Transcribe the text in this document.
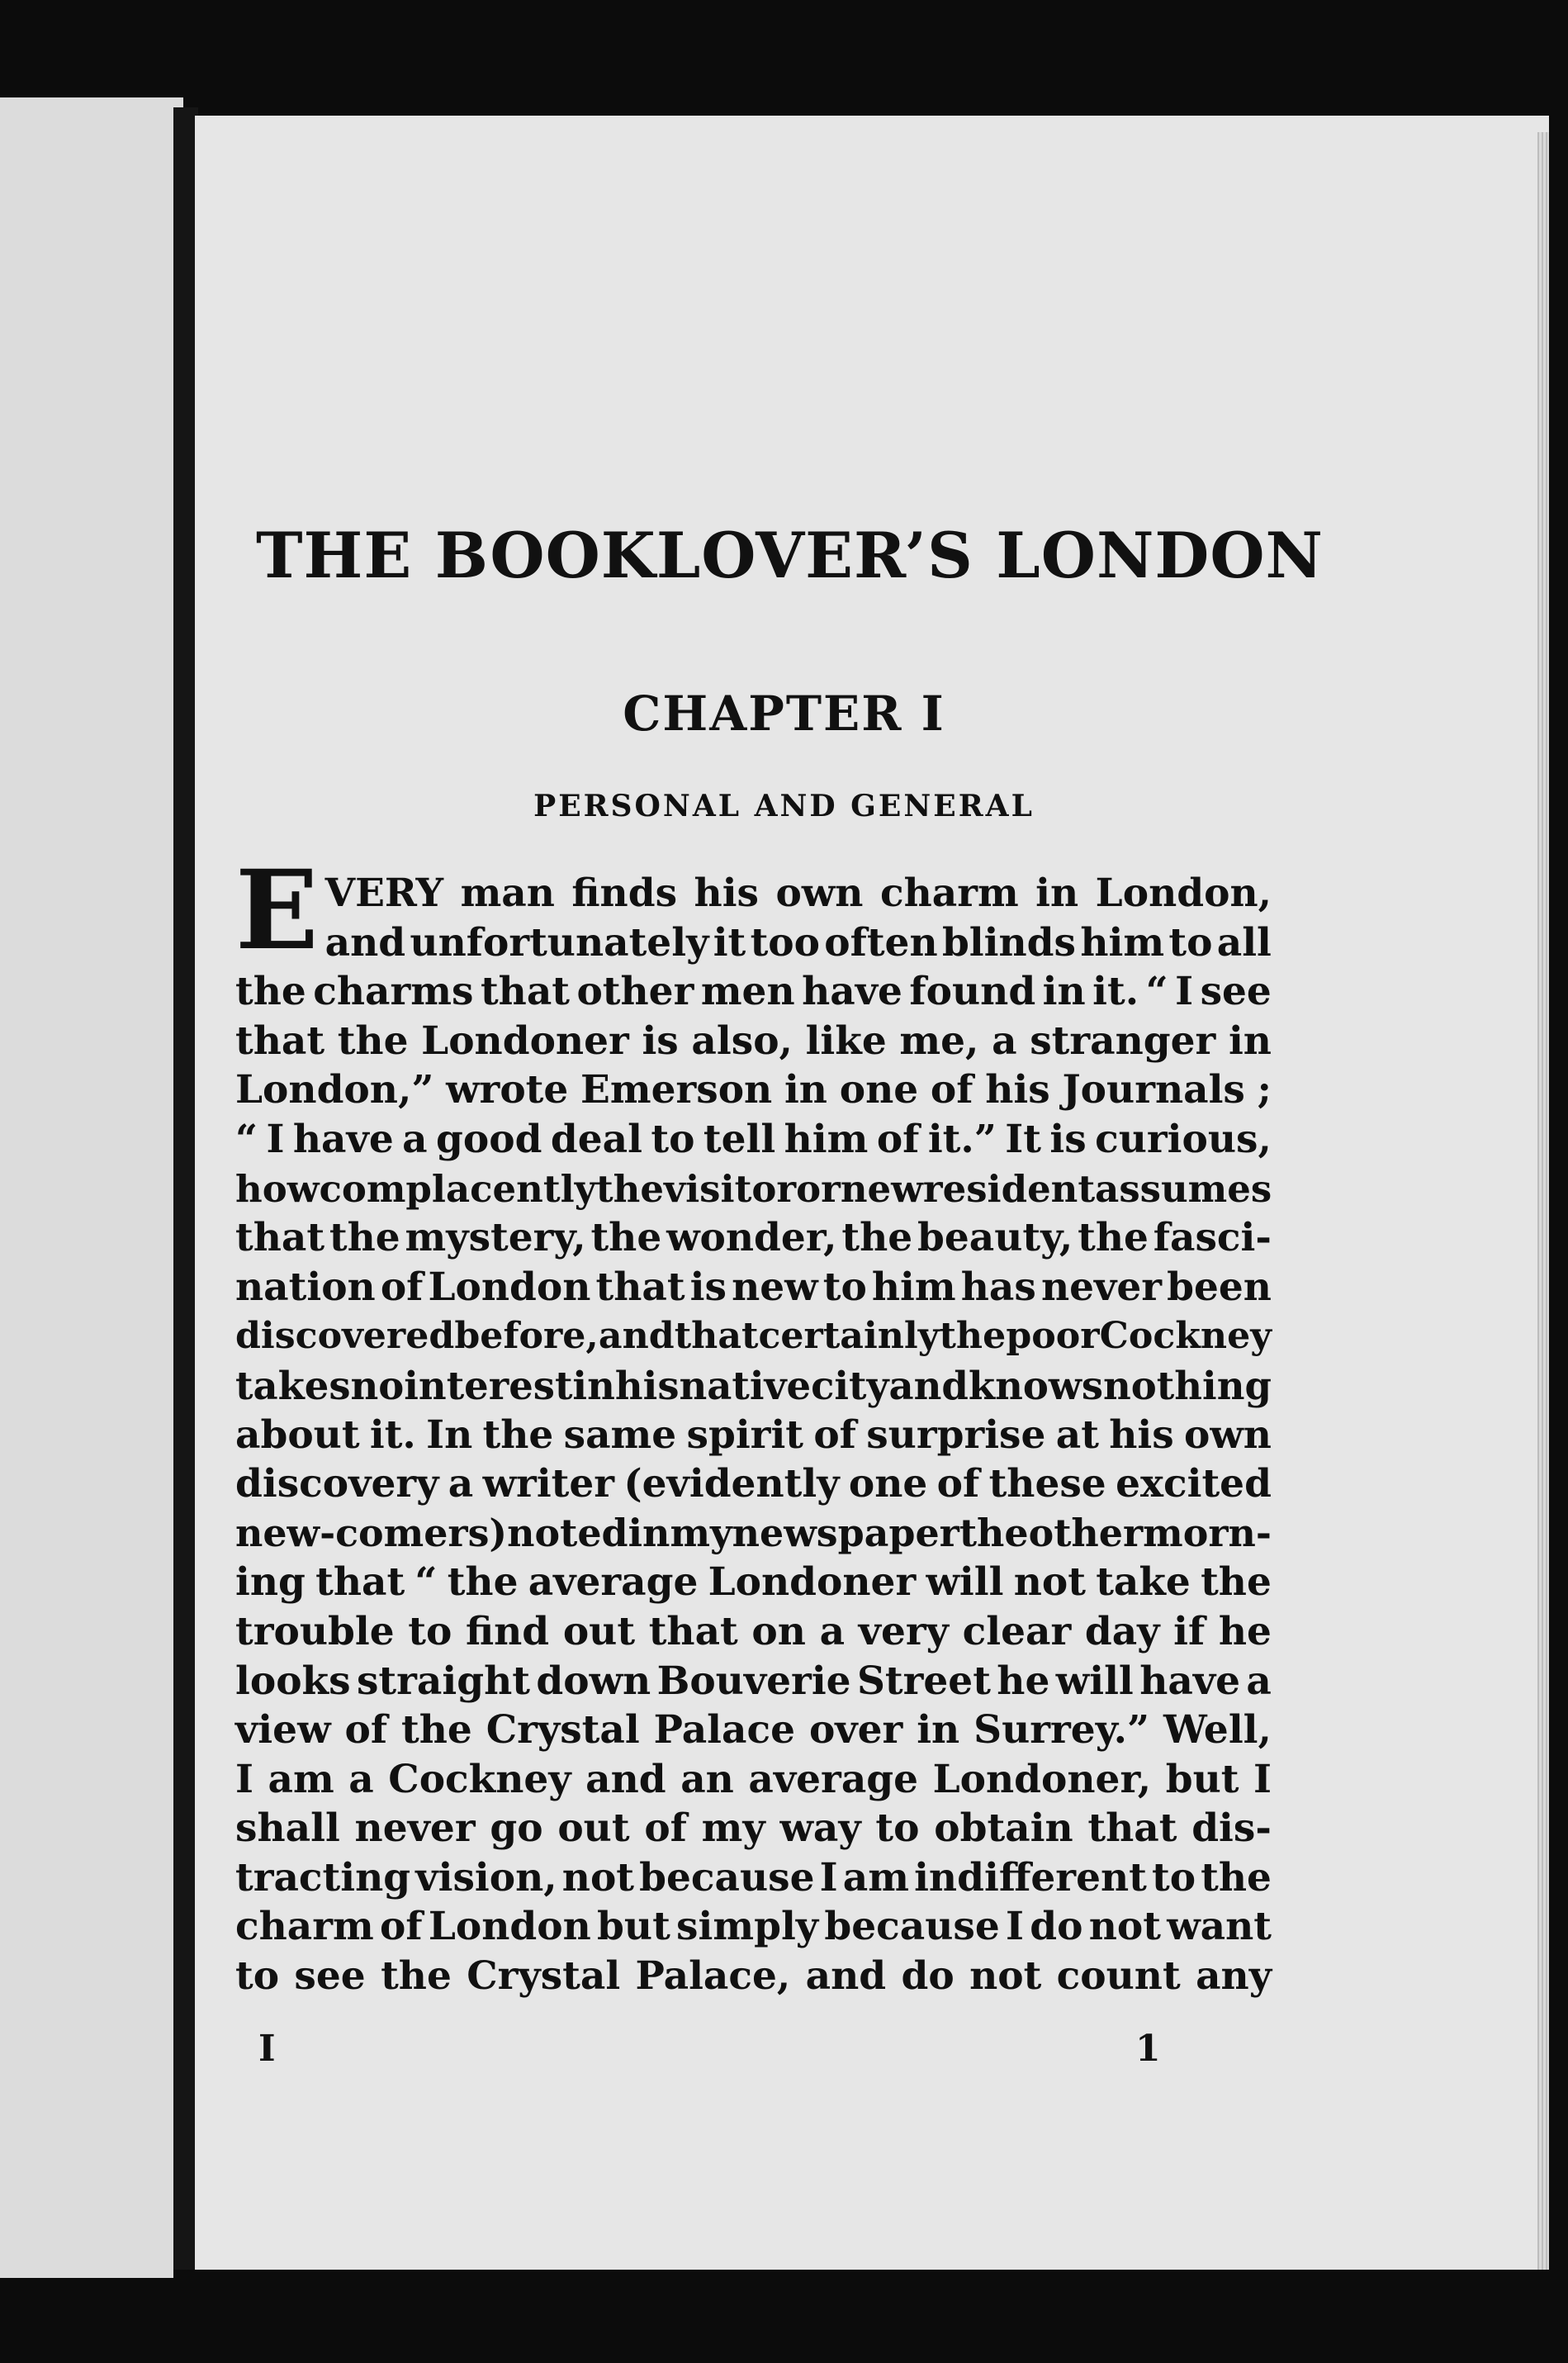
THE BOOKLOVER’S LONDON
CHAPTER I
PERSONAL AND GENERAL
E VERY man finds his own charm in London,
and unfortunately it too often blinds him to all
the charms that other men have found in it. “ I see
that the Londoner is also, like me, a stranger in
London,” wrote Emerson in one of his Journals ;
“ I have a good deal to tell him of it.” It is curious,
how complacently the visitor or new resident assumes
that the mystery, the wonder, the beauty, the fasci-
nation of London that is new to him has never been
discovered before, and that certainly the poor Cockney
takes no interest in his native city and knows nothing
about it. In the same spirit of surprise at his own
discovery a writer (evidently one of these excited
new-comers) noted in my newspaper the other morn-
ing that “ the average Londoner will not take the
trouble to find out that on a very clear day if he
looks straight down Bouverie Street he will have a
view of the Crystal Palace over in Surrey.” Well,
I am a Cockney and an average Londoner, but I
shall never go out of my way to obtain that dis-
tracting vision, not because I am indifferent to the
charm of London but simply because I do not want
to see the Crystal Palace, and do not count any

I	1
